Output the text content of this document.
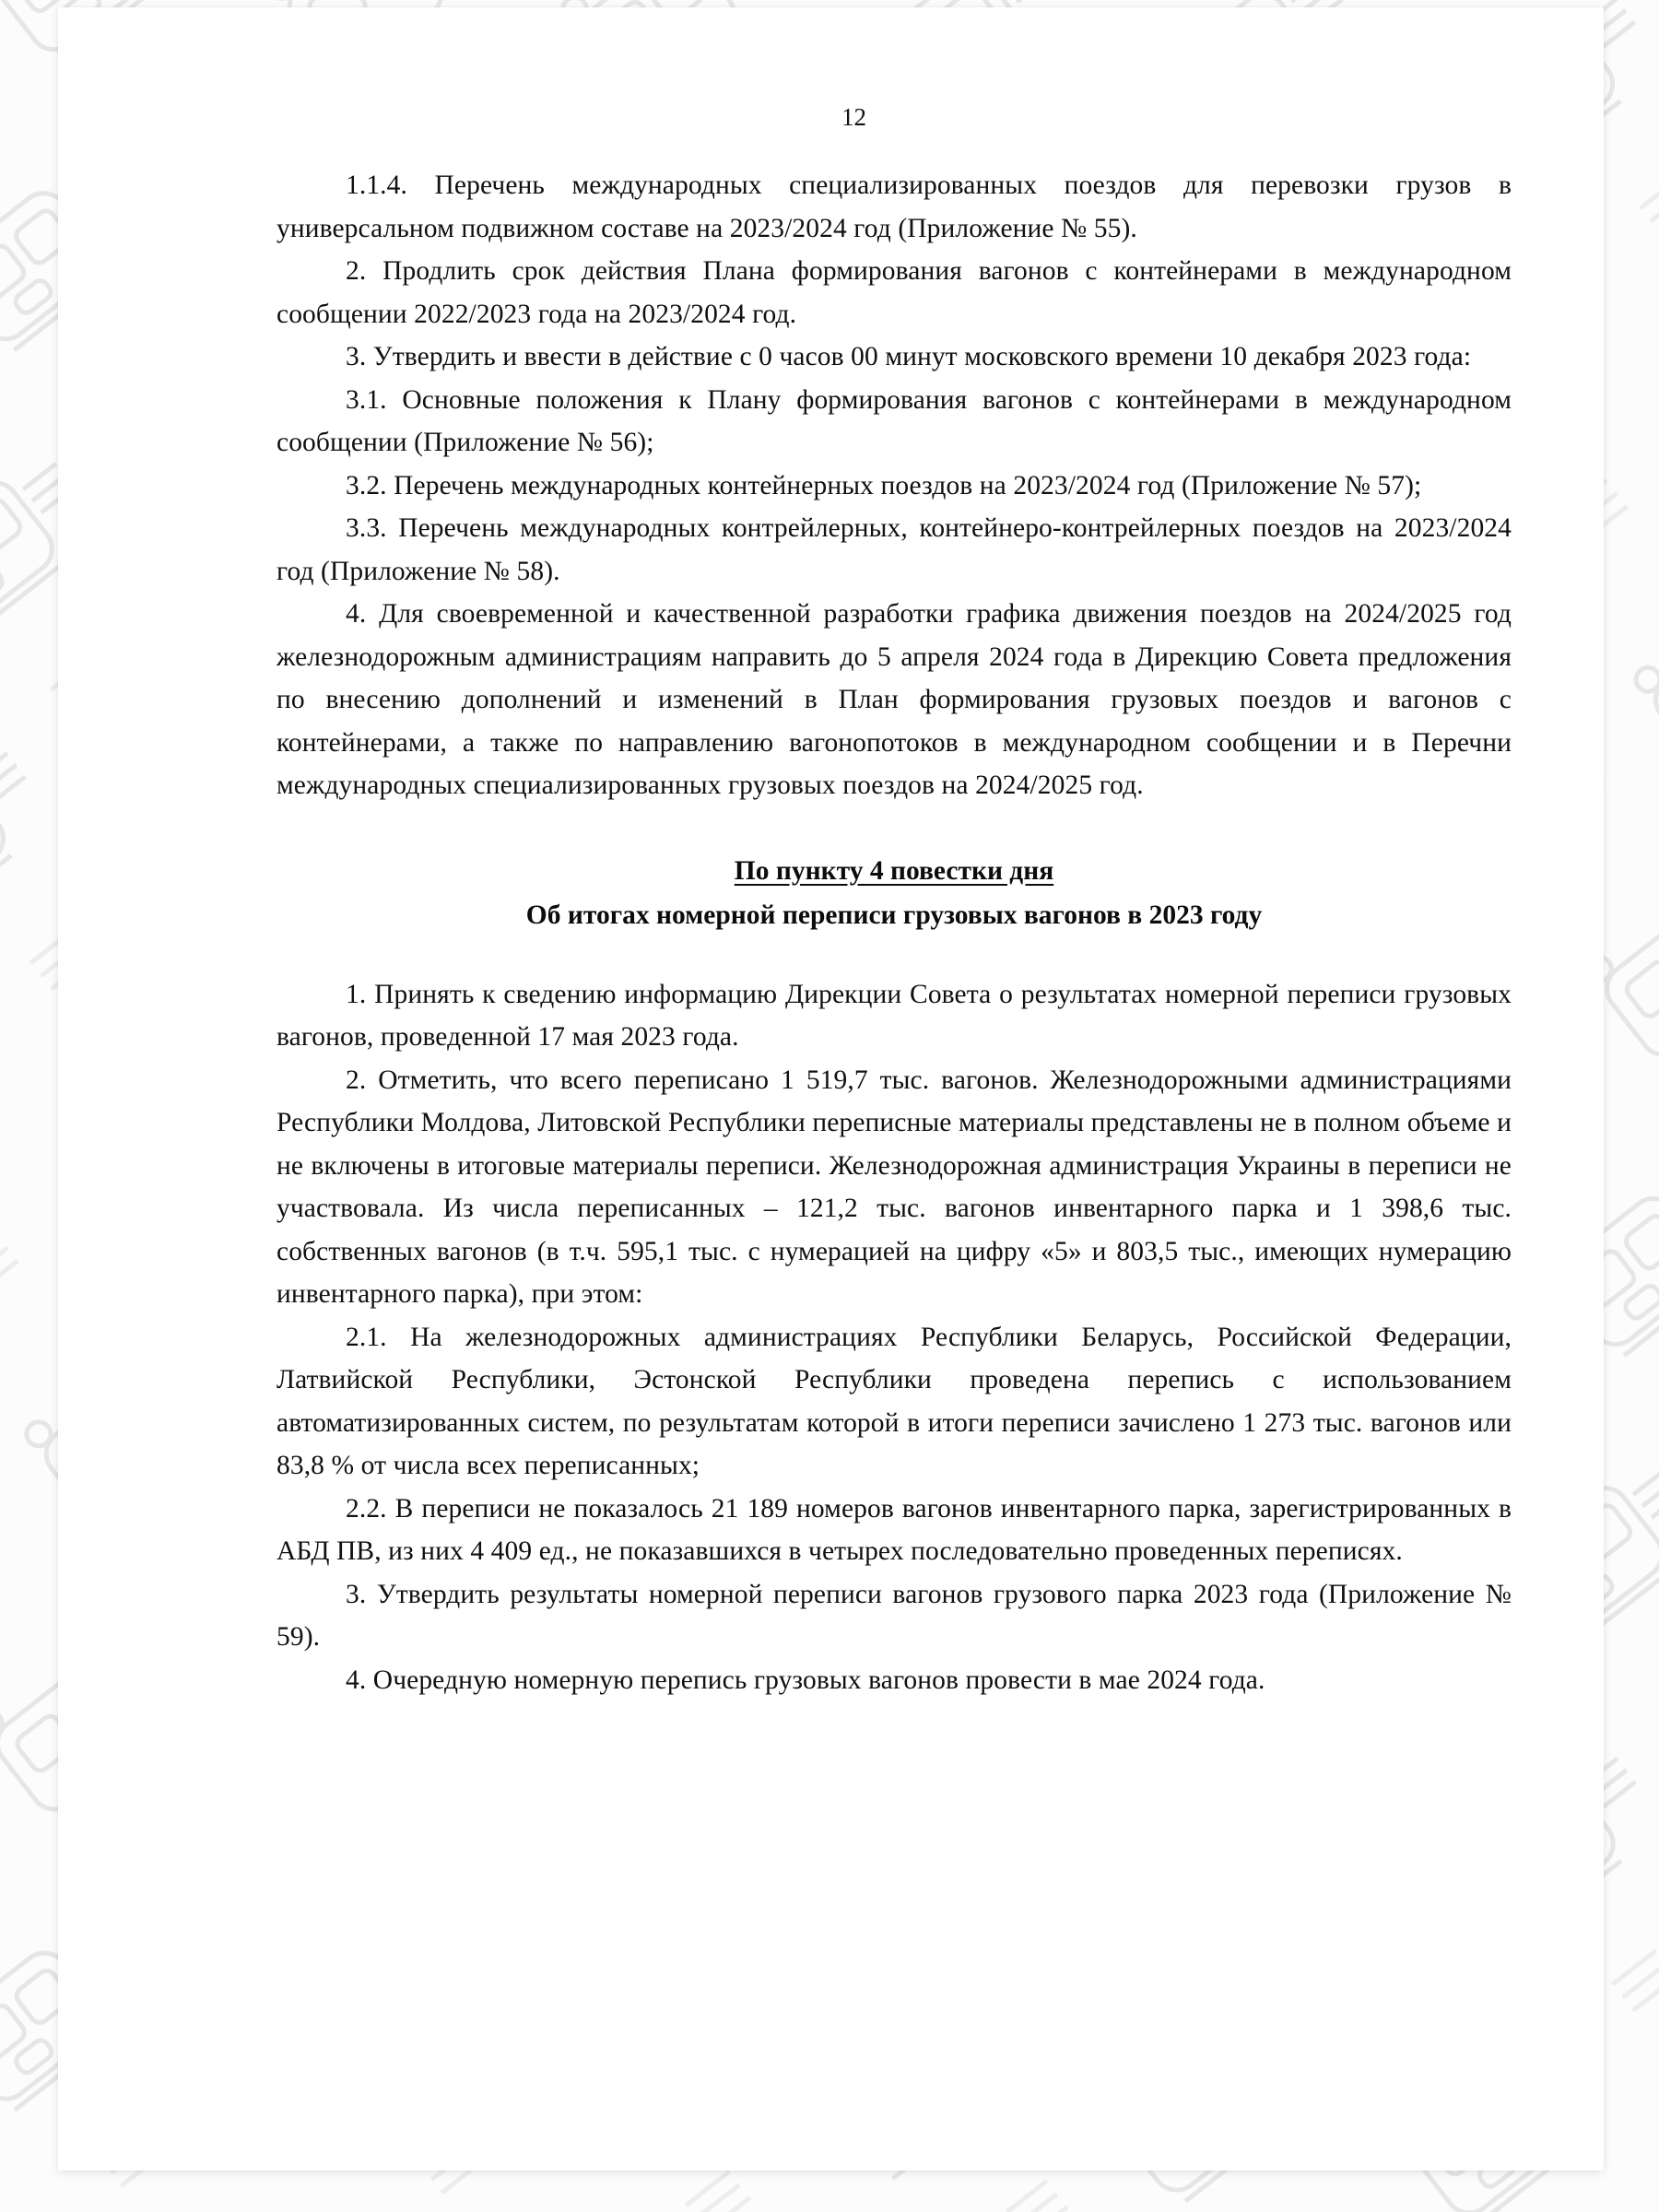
12

1.1.4. Перечень международных специализированных поездов для перевозки грузов в универсальном подвижном составе на 2023/2024 год (Приложение № 55).

2. Продлить срок действия Плана формирования вагонов с контейнерами в международном сообщении 2022/2023 года на 2023/2024 год.

3. Утвердить и ввести в действие с 0 часов 00 минут московского времени 10 декабря 2023 года:

3.1. Основные положения к Плану формирования вагонов с контейнерами в международном сообщении (Приложение № 56);

3.2. Перечень международных контейнерных поездов на 2023/2024 год (Приложение № 57);

3.3. Перечень международных контрейлерных, контейнеро-контрейлерных поездов на 2023/2024 год (Приложение № 58).

4. Для своевременной и качественной разработки графика движения поездов на 2024/2025 год железнодорожным администрациям направить до 5 апреля 2024 года в Дирекцию Совета предложения по внесению дополнений и изменений в План формирования грузовых поездов и вагонов с контейнерами, а также по направлению вагонопотоков в международном сообщении и в Перечни международных специализированных грузовых поездов на 2024/2025 год.

По пункту 4 повестки дня
Об итогах номерной переписи грузовых вагонов в 2023 году

1. Принять к сведению информацию Дирекции Совета о результатах номерной переписи грузовых вагонов, проведенной 17 мая 2023 года.

2. Отметить, что всего переписано 1 519,7 тыс. вагонов. Железнодорожными администрациями Республики Молдова, Литовской Республики переписные материалы представлены не в полном объеме и не включены в итоговые материалы переписи. Железнодорожная администрация Украины в переписи не участвовала. Из числа переписанных – 121,2 тыс. вагонов инвентарного парка и 1 398,6 тыс. собственных вагонов (в т.ч. 595,1 тыс. с нумерацией на цифру «5» и 803,5 тыс., имеющих нумерацию инвентарного парка), при этом:

2.1. На железнодорожных администрациях Республики Беларусь, Российской Федерации, Латвийской Республики, Эстонской Республики проведена перепись с использованием автоматизированных систем, по результатам которой в итоги переписи зачислено 1 273 тыс. вагонов или 83,8 % от числа всех переписанных;

2.2. В переписи не показалось 21 189 номеров вагонов инвентарного парка, зарегистрированных в АБД ПВ, из них 4 409 ед., не показавшихся в четырех последовательно проведенных переписях.

3. Утвердить результаты номерной переписи вагонов грузового парка 2023 года (Приложение № 59).

4. Очередную номерную перепись грузовых вагонов провести в мае 2024 года.
